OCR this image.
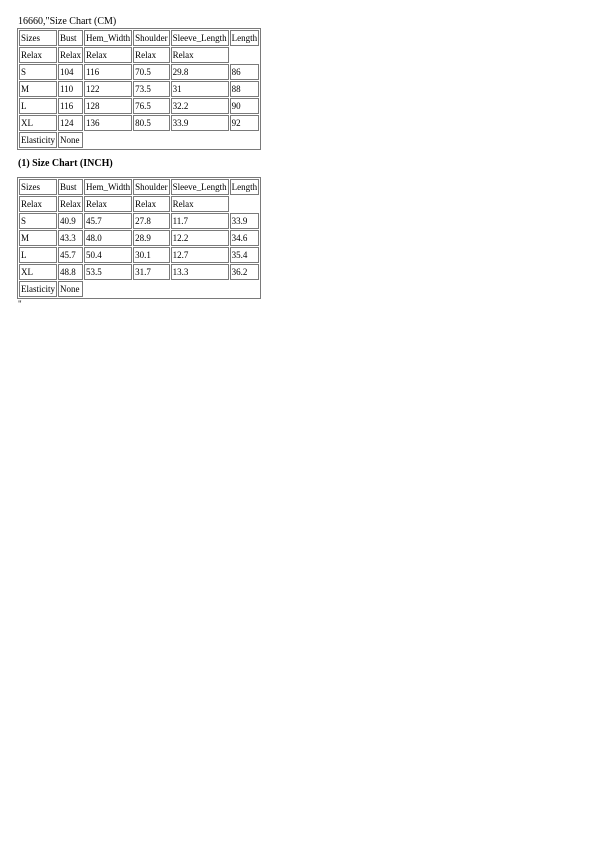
16660,"Size Chart (CM)
Sizes	Bust	Hem_Width	Shoulder	Sleeve_Length	Length
Relax	Relax	Relax	Relax	Relax	
S	104	116	70.5	29.8	86
M	110	122	73.5	31	88
L	116	128	76.5	32.2	90
XL	124	136	80.5	33.9	92
Elasticity	None				
(1) Size Chart (INCH)
Sizes	Bust	Hem_Width	Shoulder	Sleeve_Length	Length
Relax	Relax	Relax	Relax	Relax	
S	40.9	45.7	27.8	11.7	33.9
M	43.3	48.0	28.9	12.2	34.6
L	45.7	50.4	30.1	12.7	35.4
XL	48.8	53.5	31.7	13.3	36.2
Elasticity	None				
"
